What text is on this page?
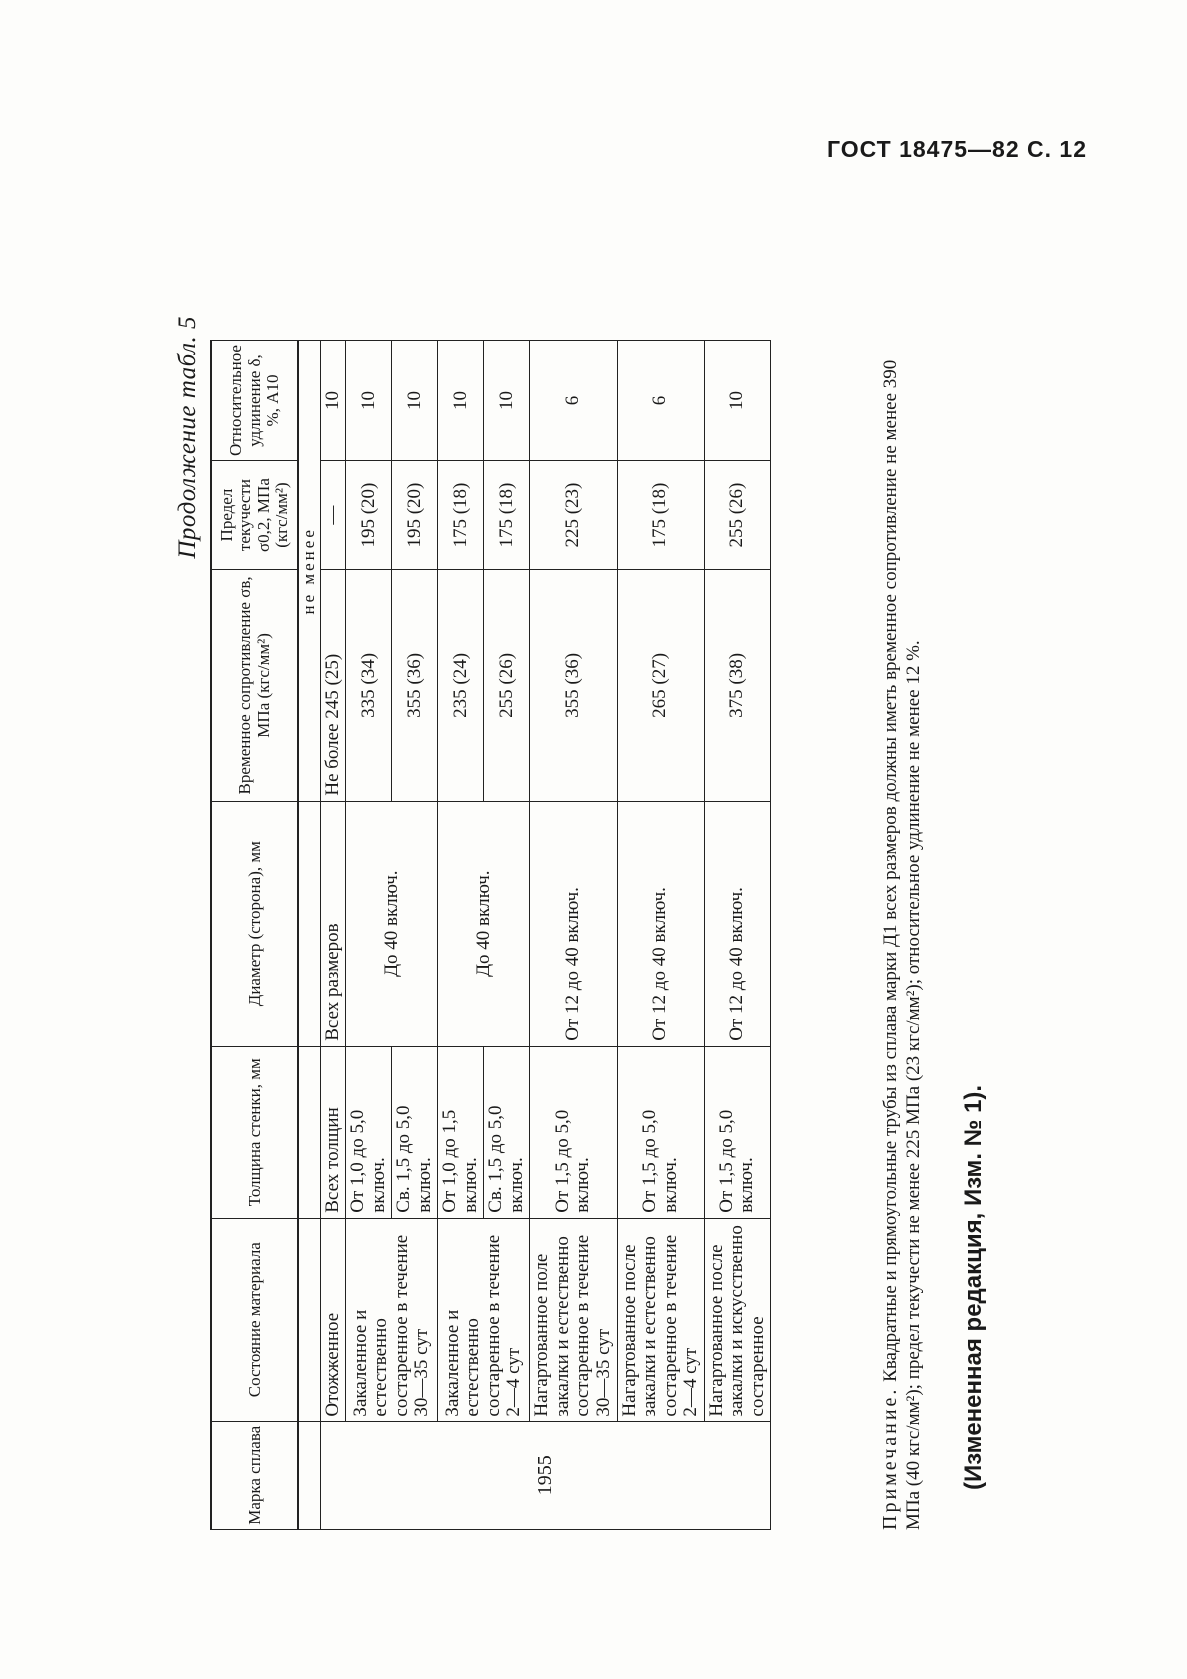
ГОСТ 18475—82 С. 12
Продолжение табл. 5
Марка сплава	Состояние материала	Толщина стенки, мм	Диаметр (сторона), мм	Временное сопротивление σв, МПа (кгс/мм²)	Предел текучести σ0,2, МПа (кгс/мм²)	Относительное удлинение δ, %, A10
				не менее		
1955	Отожженное	Всех толщин	Всех размеров	Не более 245 (25)	—	10
	Закаленное и естественно состаренное в течение 30—35 сут	От 1,0 до 5,0 включ.	До 40 включ.	335 (34)	195 (20)	10
		Св. 1,5 до 5,0 включ.		355 (36)	195 (20)	10
	Закаленное и естественно состаренное в течение 2—4 сут	От 1,0 до 1,5 включ.	До 40 включ.	235 (24)	175 (18)	10
		Св. 1,5 до 5,0 включ.		255 (26)	175 (18)	10
	Нагартованное поле закалки и естественно состаренное в течение 30—35 сут	От 1,5 до 5,0 включ.	От 12 до 40 включ.	355 (36)	225 (23)	6
	Нагартованное после закалки и естественно состаренное в течение 2—4 сут	От 1,5 до 5,0 включ.	От 12 до 40 включ.	265 (27)	175 (18)	6
	Нагартованное после закалки и искусственно состаренное	От 1,5 до 5,0 включ.	От 12 до 40 включ.	375 (38)	255 (26)	10
Примечание. Квадратные и прямоугольные трубы из сплава марки Д1 всех размеров должны иметь временное сопротивление не менее 390 МПа (40 кгс/мм²); предел текучести не менее 225 МПа (23 кгс/мм²); относительное удлинение не менее 12 %. (Измененная редакция, Изм. № 1).
